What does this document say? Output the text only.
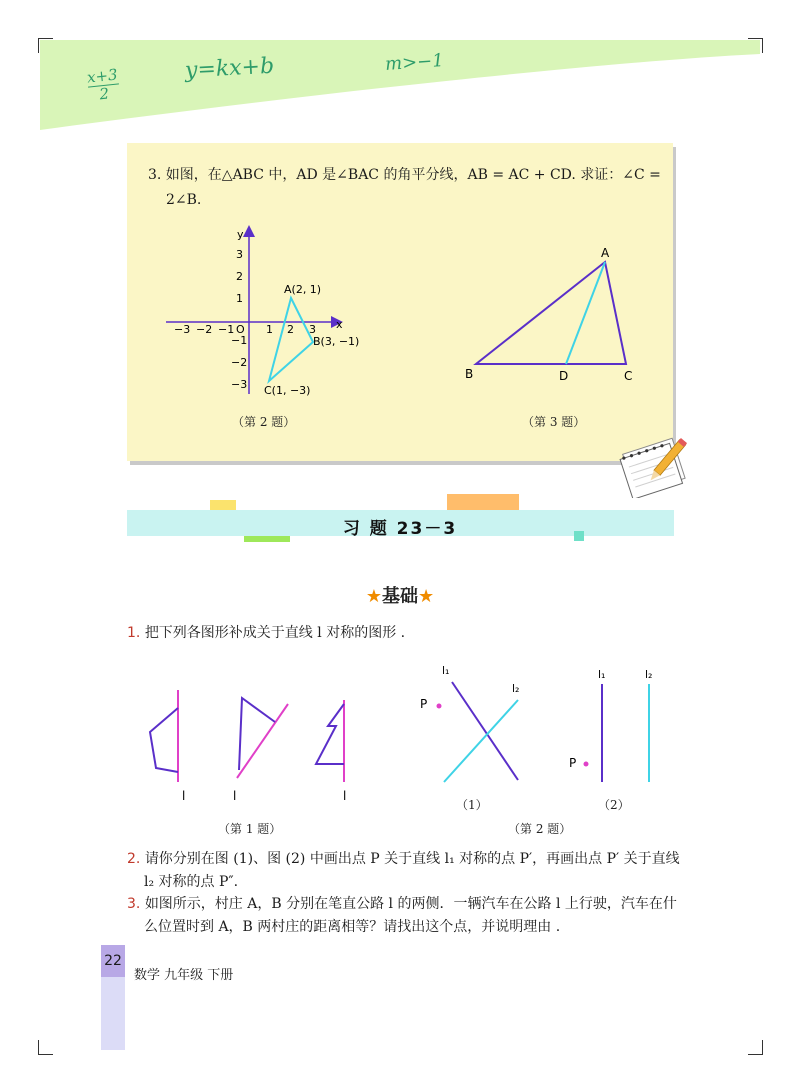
$\frac{x+3}{2}$	y=kx+b	m>−1
3. 如图，在△ABC 中，AD 是∠BAC 的角平分线，AB = AC + CD. 求证：∠C =
2∠B.
y
x
O
3
2
1
−1
−2
−3
−3 −2 −1	1 2 3
A(2, 1)
B(3, −1)
C(1, −3)
（第 2 题）
A
B	C
D
（第 3 题）
习 题 23－3
★基础★
1. 把下列各图形补成关于直线 l 对称的图形 .
l	l	l
（第 1 题）
P
l₁
l₂
（1）
P
l₁	l₂
（2）
（第 2 题）
2. 请你分别在图 (1)、图 (2) 中画出点 P 关于直线 l₁ 对称的点 P′，再画出点 P′ 关于直线
l₂ 对称的点 P″.
3. 如图所示，村庄 A，B 分别在笔直公路 l 的两侧．一辆汽车在公路 l 上行驶，汽车在什
么位置时到 A，B 两村庄的距离相等？请找出这个点，并说明理由 .
22
数学 九年级 下册
